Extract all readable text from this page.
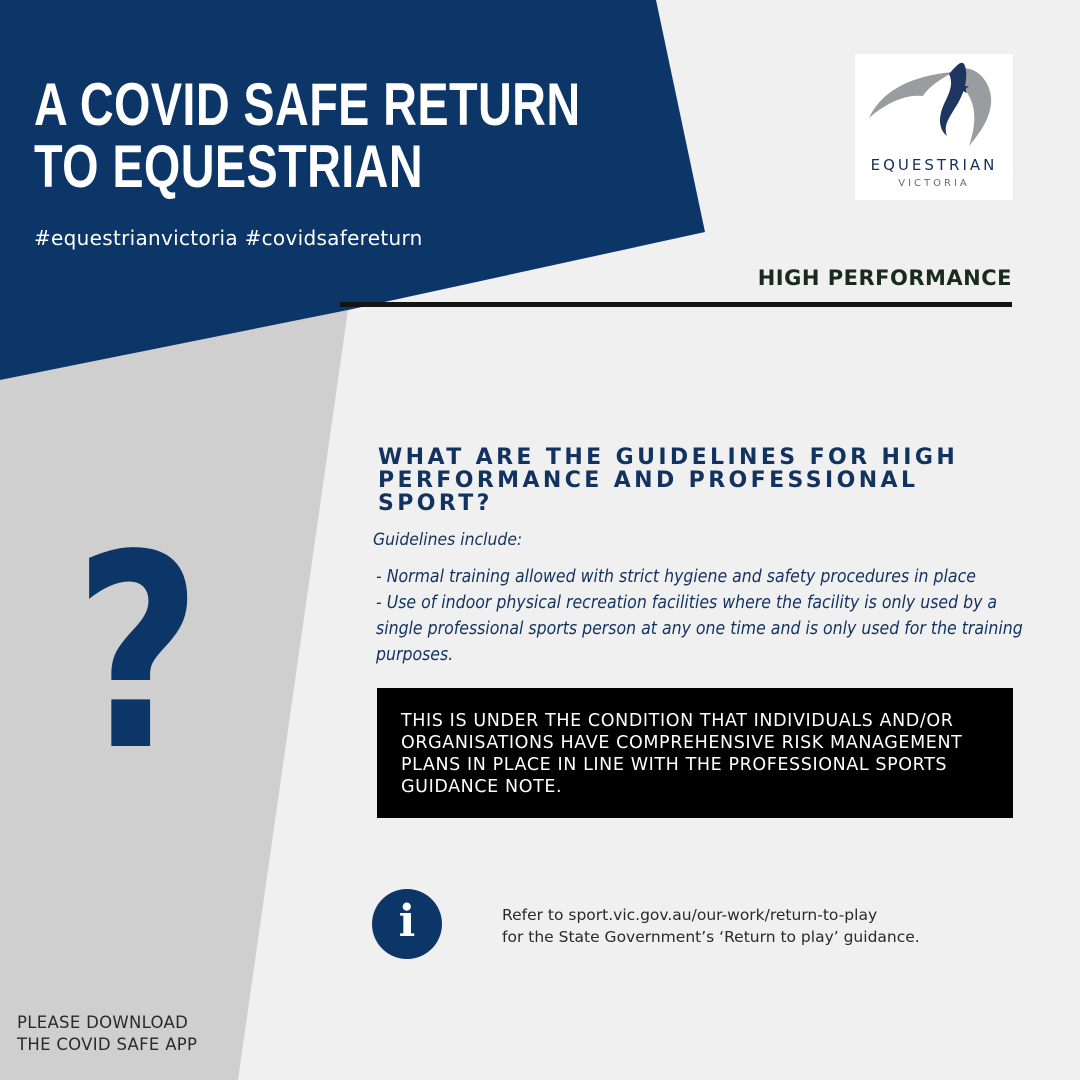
A COVID SAFE RETURN
TO EQUESTRIAN
#equestrianvictoria #covidsafereturn
EQUESTRIAN
VICTORIA
HIGH PERFORMANCE
?
WHAT ARE THE GUIDELINES FOR HIGH PERFORMANCE AND PROFESSIONAL SPORT?
Guidelines include:
- Normal training allowed with strict hygiene and safety procedures in place
- Use of indoor physical recreation facilities where the facility is only used by a single professional sports person at any one time and is only used for the training purposes.

THIS IS UNDER THE CONDITION THAT INDIVIDUALS AND/OR ORGANISATIONS HAVE COMPREHENSIVE RISK MANAGEMENT PLANS IN PLACE IN LINE WITH THE PROFESSIONAL SPORTS GUIDANCE NOTE.

i	Refer to sport.vic.gov.au/our-work/return-to-play
for the State Government’s ‘Return to play’ guidance.
PLEASE DOWNLOAD
THE COVID SAFE APP
